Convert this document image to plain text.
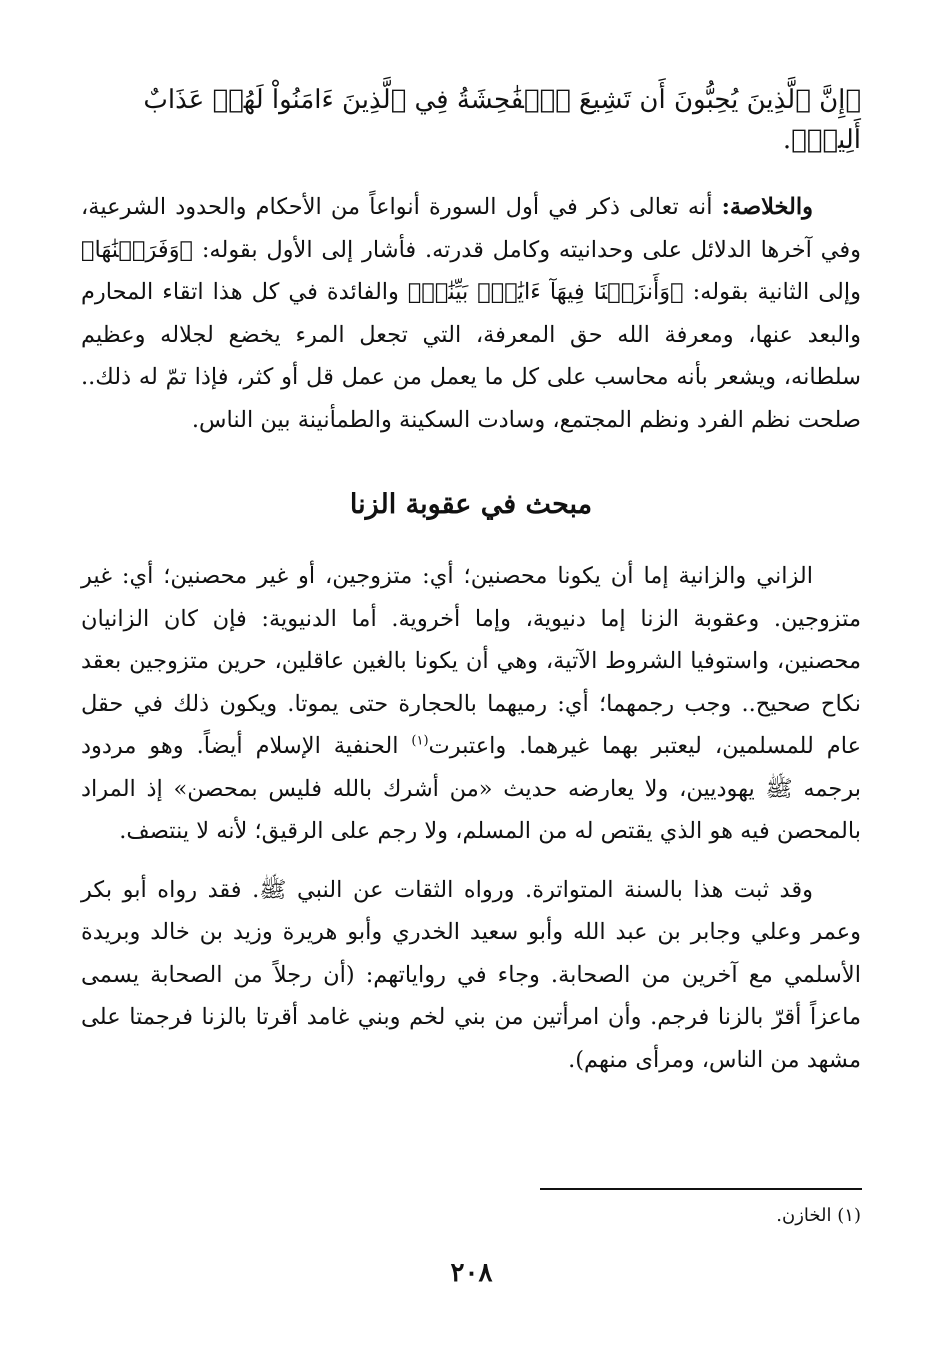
﴿إِنَّ ٱلَّذِينَ يُحِبُّونَ أَن تَشِيعَ ٱلۡفَٰحِشَةُ فِي ٱلَّذِينَ ءَامَنُواْ لَهُمۡ عَذَابٌ أَلِيمٞ﴾.

والخلاصة: أنه تعالى ذكر في أول السورة أنواعاً من الأحكام والحدود الشرعية، وفي آخرها الدلائل على وحدانيته وكامل قدرته. فأشار إلى الأول بقوله: ﴿وَفَرَضۡنَٰهَا﴾ وإلى الثانية بقوله: ﴿وَأَنزَلۡنَا فِيهَآ ءَايَٰتِۭ بَيِّنَٰتٖ﴾ والفائدة في كل هذا اتقاء المحارم والبعد عنها، ومعرفة الله حق المعرفة، التي تجعل المرء يخضع لجلاله وعظيم سلطانه، ويشعر بأنه محاسب على كل ما يعمل من عمل قل أو كثر، فإذا تمّ له ذلك.. صلحت نظم الفرد ونظم المجتمع، وسادت السكينة والطمأنينة بين الناس.

مبحث في عقوبة الزنا

الزاني والزانية إما أن يكونا محصنين؛ أي: متزوجين، أو غير محصنين؛ أي: غير متزوجين. وعقوبة الزنا إما دنيوية، وإما أخروية. أما الدنيوية: فإن كان الزانيان محصنين، واستوفيا الشروط الآتية، وهي أن يكونا بالغين عاقلين، حرين متزوجين بعقد نكاح صحيح.. وجب رجمهما؛ أي: رميهما بالحجارة حتى يموتا. ويكون ذلك في حقل عام للمسلمين، ليعتبر بهما غيرهما. واعتبرت$^{(١)}$ الحنفية الإسلام أيضاً. وهو مردود برجمه ﷺ يهوديين، ولا يعارضه حديث «من أشرك بالله فليس بمحصن» إذ المراد بالمحصن فيه هو الذي يقتص له من المسلم، ولا رجم على الرقيق؛ لأنه لا ينتصف.

وقد ثبت هذا بالسنة المتواترة. ورواه الثقات عن النبي ﷺ. فقد رواه أبو بكر وعمر وعلي وجابر بن عبد الله وأبو سعيد الخدري وأبو هريرة وزيد بن خالد وبريدة الأسلمي مع آخرين من الصحابة. وجاء في رواياتهم: (أن رجلاً من الصحابة يسمى ماعزاً أقرّ بالزنا فرجم. وأن امرأتين من بني لخم وبني غامد أقرتا بالزنا فرجمتا على مشهد من الناس، ومرأى منهم).

(١) الخازن.
٢٠٨
